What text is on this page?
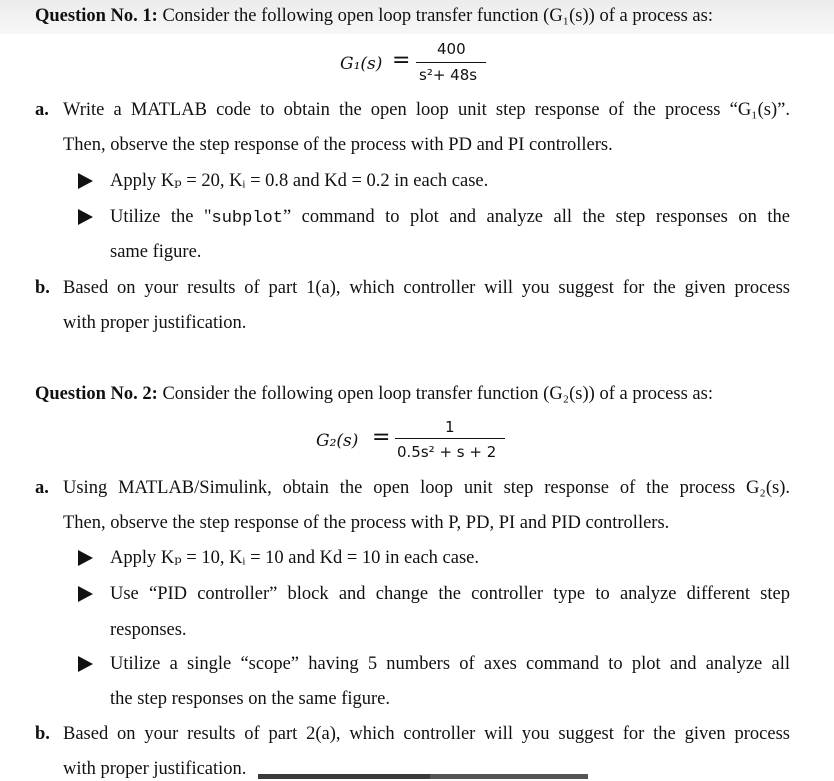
Question No. 1: Consider the following open loop transfer function (G₁(s)) of a process as:
G₁(s) = 400
s²+ 48s
a. Write a MATLAB code to obtain the open loop unit step response of the process “G₁(s)”.
Then, observe the step response of the process with PD and PI controllers.
Apply Kₚ = 20, Kᵢ = 0.8 and Kd = 0.2 in each case.
Utilize the "subplot” command to plot and analyze all the step responses on the
same figure.
b. Based on your results of part 1(a), which controller will you suggest for the given process
with proper justification.
Question No. 2: Consider the following open loop transfer function (G₂(s)) of a process as:
G₂(s) =	1
0.5s² + s + 2
a. Using MATLAB/Simulink, obtain the open loop unit step response of the process G₂(s).
Then, observe the step response of the process with P, PD, PI and PID controllers.
Apply Kₚ = 10, Kᵢ = 10 and Kd = 10 in each case.
Use “PID controller” block and change the controller type to analyze different step
responses.
Utilize a single “scope” having 5 numbers of axes command to plot and analyze all
the step responses on the same figure.
b. Based on your results of part 2(a), which controller will you suggest for the given process
with proper justification.
